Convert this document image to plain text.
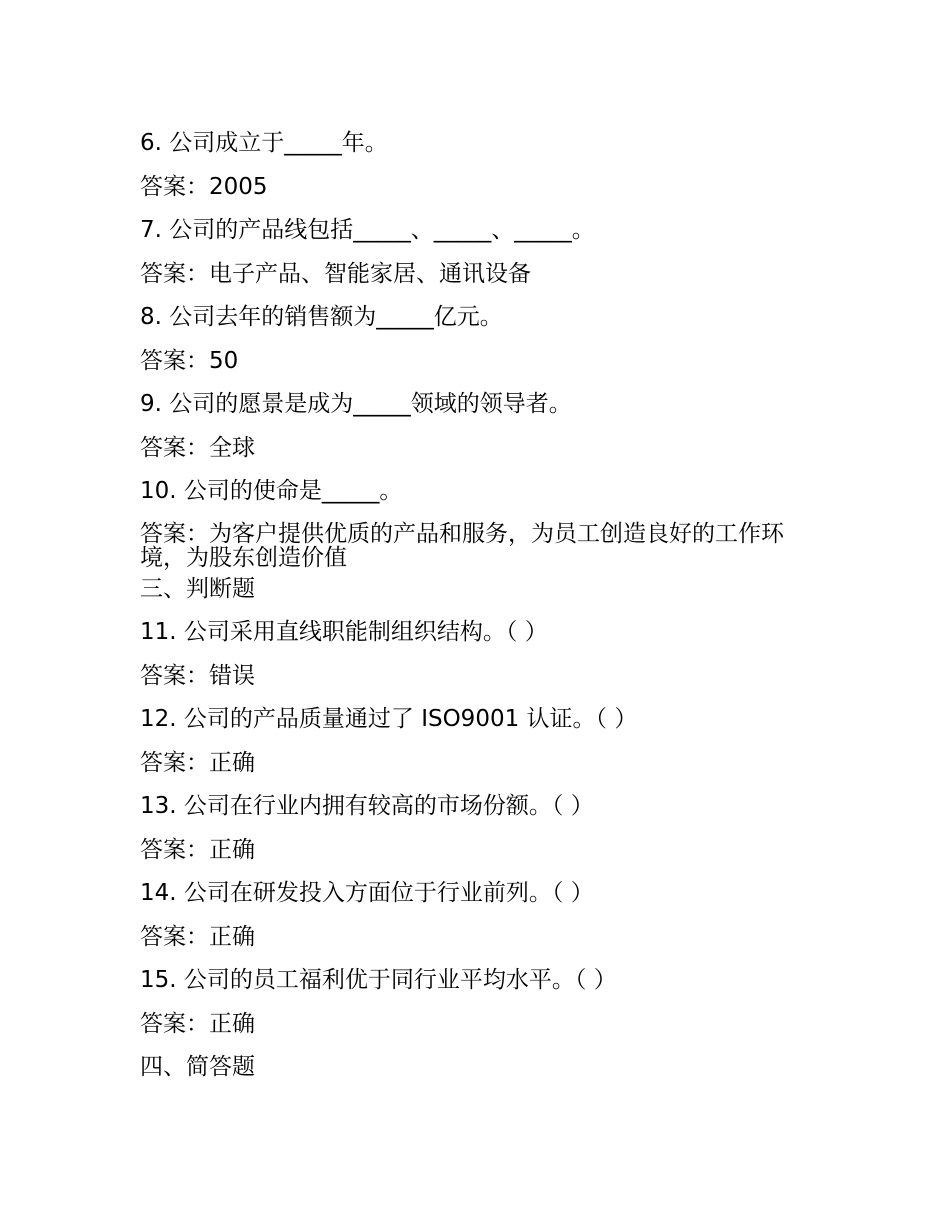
6. 公司成立于_____年。
答案：2005
7. 公司的产品线包括_____、_____、_____。
答案：电子产品、智能家居、通讯设备
8. 公司去年的销售额为_____亿元。
答案：50
9. 公司的愿景是成为_____领域的领导者。
答案：全球
10. 公司的使命是_____。
答案：为客户提供优质的产品和服务，为员工创造良好的工作环境，为股东创造价值
三、判断题
11. 公司采用直线职能制组织结构。（ ）
答案：错误
12. 公司的产品质量通过了 ISO9001 认证。（ ）
答案：正确
13. 公司在行业内拥有较高的市场份额。（ ）
答案：正确
14. 公司在研发投入方面位于行业前列。（ ）
答案：正确
15. 公司的员工福利优于同行业平均水平。（ ）
答案：正确
四、简答题
